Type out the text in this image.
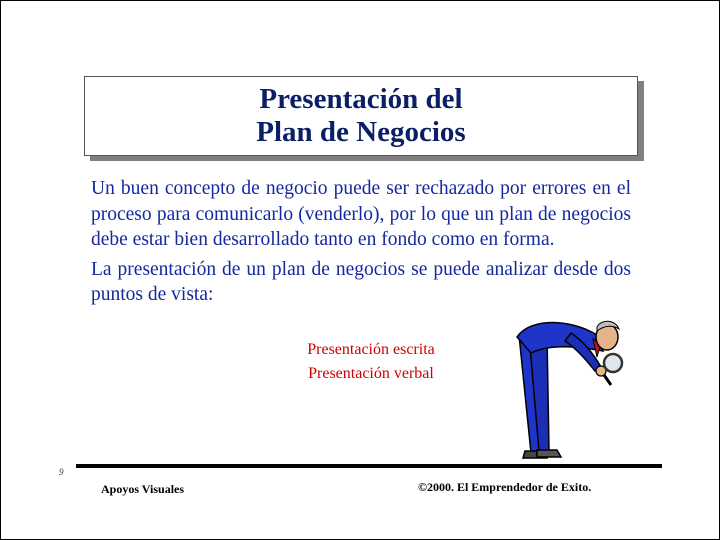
Presentación del
Plan de Negocios

Un buen concepto de negocio puede ser rechazado por errores en el proceso para comunicarlo (venderlo), por lo que un plan de negocios debe estar bien desarrollado tanto en fondo como en forma.

La presentación de un plan de negocios se puede analizar desde dos puntos de vista:

Presentación escrita
Presentación verbal
9
Apoyos Visuales	©2000. El Emprendedor de Exito.
